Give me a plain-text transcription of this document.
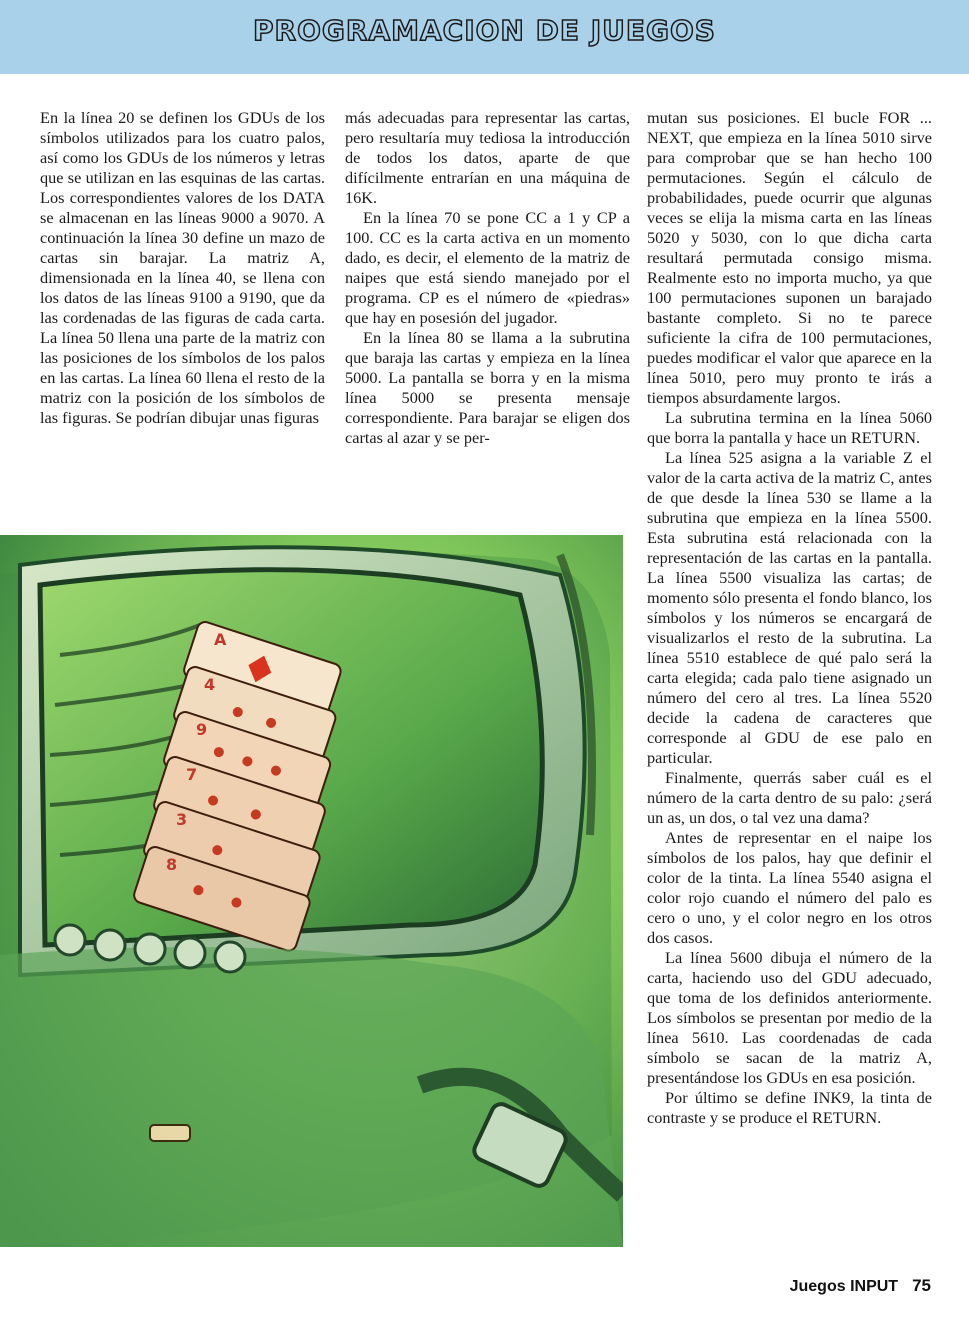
PROGRAMACION DE JUEGOS

En la línea 20 se definen los GDUs de los símbolos utilizados para los cuatro palos, así como los GDUs de los números y letras que se utilizan en las esquinas de las cartas. Los correspondientes valores de los DATA se almacenan en las líneas 9000 a 9070. A continuación la línea 30 define un mazo de cartas sin barajar. La matriz A, dimensionada en la línea 40, se llena con los datos de las líneas 9100 a 9190, que da las cordenadas de las figuras de cada carta. La línea 50 llena una parte de la matriz con las posiciones de los símbolos de los palos en las cartas. La línea 60 llena el resto de la matriz con la posición de los símbolos de las figuras. Se podrían dibujar unas figuras

más adecuadas para representar las cartas, pero resultaría muy tediosa la introducción de todos los datos, aparte de que difícilmente entrarían en una máquina de 16K.

En la línea 70 se pone CC a 1 y CP a 100. CC es la carta activa en un momento dado, es decir, el elemento de la matriz de naipes que está siendo manejado por el programa. CP es el número de «piedras» que hay en posesión del jugador.

En la línea 80 se llama a la subrutina que baraja las cartas y empieza en la línea 5000. La pantalla se borra y en la misma línea 5000 se presenta mensaje correspondiente. Para barajar se eligen dos cartas al azar y se per-

mutan sus posiciones. El bucle FOR ... NEXT, que empieza en la línea 5010 sirve para comprobar que se han hecho 100 permutaciones. Según el cálculo de probabilidades, puede ocurrir que algunas veces se elija la misma carta en las líneas 5020 y 5030, con lo que dicha carta resultará permutada consigo misma. Realmente esto no importa mucho, ya que 100 permutaciones suponen un barajado bastante completo. Si no te parece suficiente la cifra de 100 permutaciones, puedes modificar el valor que aparece en la línea 5010, pero muy pronto te irás a tiempos absurdamente largos.

La subrutina termina en la línea 5060 que borra la pantalla y hace un RETURN.

La línea 525 asigna a la variable Z el valor de la carta activa de la matriz C, antes de que desde la línea 530 se llame a la subrutina que empieza en la línea 5500. Esta subrutina está relacionada con la representación de las cartas en la pantalla. La línea 5500 visualiza las cartas; de momento sólo presenta el fondo blanco, los símbolos y los números se encargará de visualizarlos el resto de la subrutina. La línea 5510 establece de qué palo será la carta elegida; cada palo tiene asignado un número del cero al tres. La línea 5520 decide la cadena de caracteres que corresponde al GDU de ese palo en particular.

Finalmente, querrás saber cuál es el número de la carta dentro de su palo: ¿será un as, un dos, o tal vez una dama?

Antes de representar en el naipe los símbolos de los palos, hay que definir el color de la tinta. La línea 5540 asigna el color rojo cuando el número del palo es cero o uno, y el color negro en los otros dos casos.

La línea 5600 dibuja el número de la carta, haciendo uso del GDU adecuado, que toma de los definidos anteriormente. Los símbolos se presentan por medio de la línea 5610. Las coordenadas de cada símbolo se sacan de la matriz A, presentándose los GDUs en esa posición.

Por último se define INK9, la tinta de contraste y se produce el RETURN.

A
4
9
7
3
8
Juegos INPUT 75
